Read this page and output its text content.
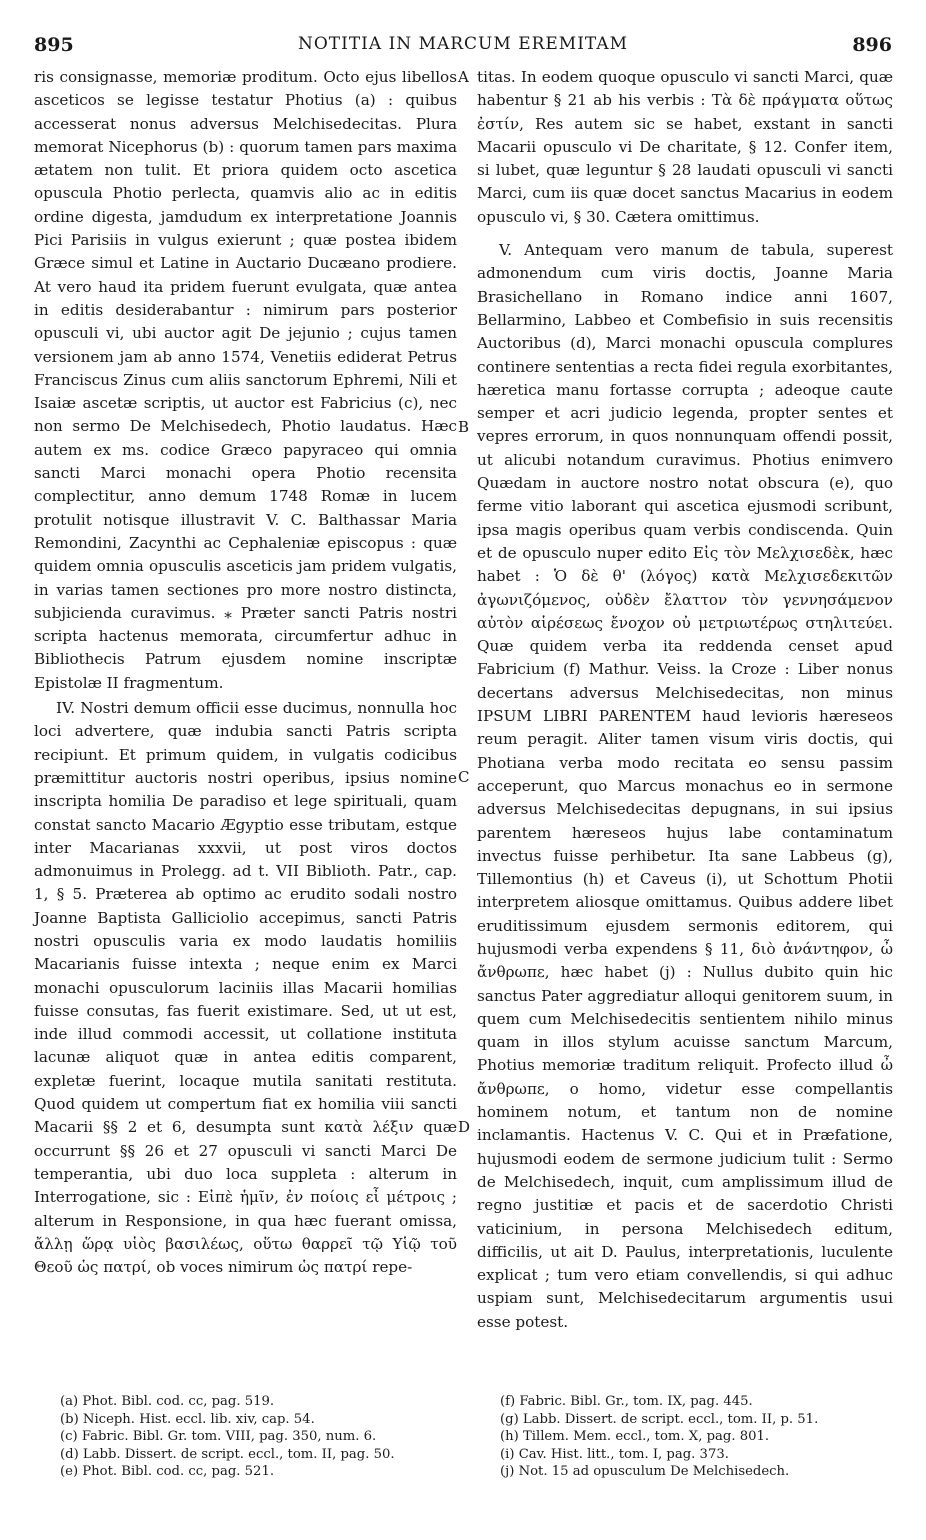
895	NOTITIA IN MARCUM EREMITAM	896

ris consignasse, memoriæ proditum. Octo ejus libellos asceticos se legisse testatur Photius (a) : quibus accesserat nonus adversus Melchisedecitas. Plura memorat Nicephorus (b) : quorum tamen pars maxima ætatem non tulit. Et priora quidem octo ascetica opuscula Photio perlecta, quamvis alio ac in editis ordine digesta, jamdudum ex interpretatione Joannis Pici Parisiis in vulgus exierunt ; quæ postea ibidem Græce simul et Latine in Auctario Ducæano prodiere. At vero haud ita pridem fuerunt evulgata, quæ antea in editis desiderabantur : nimirum pars posterior opusculi vi, ubi auctor agit De jejunio ; cujus tamen versionem jam ab anno 1574, Venetiis ediderat Petrus Franciscus Zinus cum aliis sanctorum Ephremi, Nili et Isaiæ ascetæ scriptis, ut auctor est Fabricius (c), nec non sermo De Melchisedech, Photio laudatus. Hæc autem ex ms. codice Græco papyraceo qui omnia sancti Marci monachi opera Photio recensita complectitur, anno demum 1748 Romæ in lucem protulit notisque illustravit V. C. Balthassar Maria Remondini, Zacynthi ac Cephaleniæ episcopus : quæ quidem omnia opusculis asceticis jam pridem vulgatis, in varias tamen sectiones pro more nostro distincta, subjicienda curavimus. ⁎ Præter sancti Patris nostri scripta hactenus memorata, circumfertur adhuc in Bibliothecis Patrum ejusdem nomine inscriptæ Epistolæ II fragmentum.

IV. Nostri demum officii esse ducimus, nonnulla hoc loci advertere, quæ indubia sancti Patris scripta recipiunt. Et primum quidem, in vulgatis codicibus præmittitur auctoris nostri operibus, ipsius nomine inscripta homilia De paradiso et lege spirituali, quam constat sancto Macario Ægyptio esse tributam, estque inter Macarianas xxxvii, ut post viros doctos admonuimus in Prolegg. ad t. VII Biblioth. Patr., cap. 1, § 5. Præterea ab optimo ac erudito sodali nostro Joanne Baptista Galliciolio accepimus, sancti Patris nostri opusculis varia ex modo laudatis homiliis Macarianis fuisse intexta ; neque enim ex Marci monachi opusculorum laciniis illas Macarii homilias fuisse consutas, fas fuerit existimare. Sed, ut ut est, inde illud commodi accessit, ut collatione instituta lacunæ aliquot quæ in antea editis comparent, expletæ fuerint, locaque mutila sanitati restituta. Quod quidem ut compertum fiat ex homilia viii sancti Macarii §§ 2 et 6, desumpta sunt κατὰ λέξιν quæ occurrunt §§ 26 et 27 opusculi vi sancti Marci De temperantia, ubi duo loca suppleta : alterum in Interrogatione, sic : Εἰπὲ ἡμῖν, ἐν ποίοις εἶ μέτροις ; alterum in Responsione, in qua hæc fuerant omissa, ἄλλῃ ὥρᾳ υἱὸς βασιλέως, οὕτω θαρρεῖ τῷ Υἱῷ τοῦ Θεοῦ ὡς πατρί, ob voces nimirum ὡς πατρί repe-

titas. In eodem quoque opusculo vi sancti Marci, quæ habentur § 21 ab his verbis : Τὰ δὲ πράγματα οὕτως ἐστίν, Res autem sic se habet, exstant in sancti Macarii opusculo vi De charitate, § 12. Confer item, si lubet, quæ leguntur § 28 laudati opusculi vi sancti Marci, cum iis quæ docet sanctus Macarius in eodem opusculo vi, § 30. Cætera omittimus.

V. Antequam vero manum de tabula, superest admonendum cum viris doctis, Joanne Maria Brasichellano in Romano indice anni 1607, Bellarmino, Labbeo et Combefisio in suis recensitis Auctoribus (d), Marci monachi opuscula complures continere sententias a recta fidei regula exorbitantes, hæretica manu fortasse corrupta ; adeoque caute semper et acri judicio legenda, propter sentes et vepres errorum, in quos nonnunquam offendi possit, ut alicubi notandum curavimus. Photius enimvero Quædam in auctore nostro notat obscura (e), quo ferme vitio laborant qui ascetica ejusmodi scribunt, ipsa magis operibus quam verbis condiscenda. Quin et de opusculo nuper edito Εἰς τὸν Μελχισεδὲκ, hæc habet : Ὁ δὲ θ' (λόγος) κατὰ Μελχισεδεκιτῶν ἀγωνιζόμενος, οὐδὲν ἔλαττον τὸν γεννησάμενον αὐτὸν αἱρέσεως ἔνοχον οὐ μετριωτέρως στηλιτεύει. Quæ quidem verba ita reddenda censet apud Fabricium (f) Mathur. Veiss. la Croze : Liber nonus decertans adversus Melchisedecitas, non minus IPSUM LIBRI PARENTEM haud levioris hæreseos reum peragit. Aliter tamen visum viris doctis, qui Photiana verba modo recitata eo sensu passim acceperunt, quo Marcus monachus eo in sermone adversus Melchisedecitas depugnans, in sui ipsius parentem hæreseos hujus labe contaminatum invectus fuisse perhibetur. Ita sane Labbeus (g), Tillemontius (h) et Caveus (i), ut Schottum Photii interpretem aliosque omittamus. Quibus addere libet eruditissimum ejusdem sermonis editorem, qui hujusmodi verba expendens § 11, διὸ ἀνάντηφον, ὦ ἄνθρωπε, hæc habet (j) : Nullus dubito quin hic sanctus Pater aggrediatur alloqui genitorem suum, in quem cum Melchisedecitis sentientem nihilo minus quam in illos stylum acuisse sanctum Marcum, Photius memoriæ traditum reliquit. Profecto illud ὦ ἄνθρωπε, o homo, videtur esse compellantis hominem notum, et tantum non de nomine inclamantis. Hactenus V. C. Qui et in Præfatione, hujusmodi eodem de sermone judicium tulit : Sermo de Melchisedech, inquit, cum amplissimum illud de regno justitiæ et pacis et de sacerdotio Christi vaticinium, in persona Melchisedech editum, difficilis, ut ait D. Paulus, interpretationis, luculente explicat ; tum vero etiam convellendis, si qui adhuc uspiam sunt, Melchisedecitarum argumentis usui esse potest.

A
B
C
D
(a) Phot. Bibl. cod. cc, pag. 519.
(b) Niceph. Hist. eccl. lib. xiv, cap. 54.
(c) Fabric. Bibl. Gr. tom. VIII, pag. 350, num. 6.
(d) Labb. Dissert. de script. eccl., tom. II, pag. 50.
(e) Phot. Bibl. cod. cc, pag. 521.
(f) Fabric. Bibl. Gr., tom. IX, pag. 445.
(g) Labb. Dissert. de script. eccl., tom. II, p. 51.
(h) Tillem. Mem. eccl., tom. X, pag. 801.
(i) Cav. Hist. litt., tom. I, pag. 373.
(j) Not. 15 ad opusculum De Melchisedech.
